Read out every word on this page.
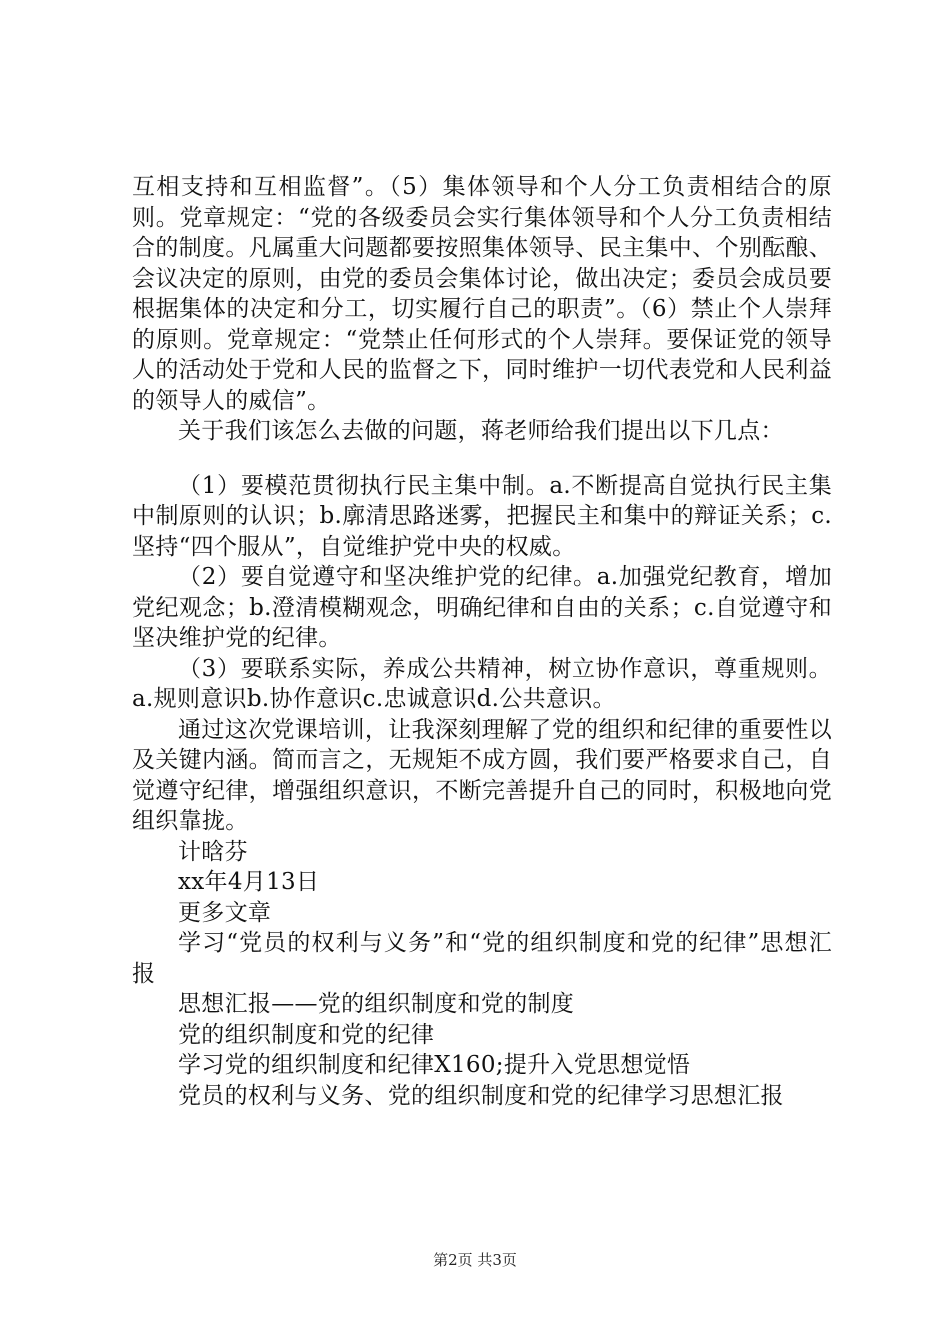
互相支持和互相监督”。（5）集体领导和个人分工负责相结合的原则。党章规定：“党的各级委员会实行集体领导和个人分工负责相结合的制度。凡属重大问题都要按照集体领导、民主集中、个别酝酿、会议决定的原则，由党的委员会集体讨论，做出决定；委员会成员要根据集体的决定和分工，切实履行自己的职责”。（6）禁止个人崇拜的原则。党章规定：“党禁止任何形式的个人崇拜。要保证党的领导人的活动处于党和人民的监督之下，同时维护一切代表党和人民利益的领导人的威信”。

关于我们该怎么去做的问题，蒋老师给我们提出以下几点：

（1）要模范贯彻执行民主集中制。a.不断提高自觉执行民主集中制原则的认识；b.廓清思路迷雾，把握民主和集中的辩证关系；c.坚持“四个服从”，自觉维护党中央的权威。

（2）要自觉遵守和坚决维护党的纪律。a.加强党纪教育，增加党纪观念；b.澄清模糊观念，明确纪律和自由的关系；c.自觉遵守和坚决维护党的纪律。

（3）要联系实际，养成公共精神，树立协作意识，尊重规则。a.规则意识b.协作意识c.忠诚意识d.公共意识。

通过这次党课培训，让我深刻理解了党的组织和纪律的重要性以及关键内涵。简而言之，无规矩不成方圆，我们要严格要求自己，自觉遵守纪律，增强组织意识，不断完善提升自己的同时，积极地向党组织靠拢。

计晗芬

xx年4月13日

更多文章

学习“党员的权利与义务”和“党的组织制度和党的纪律”思想汇报

思想汇报——党的组织制度和党的制度

党的组织制度和党的纪律

学习党的组织制度和纪律X160;提升入党思想觉悟

党员的权利与义务、党的组织制度和党的纪律学习思想汇报

第2页 共3页
